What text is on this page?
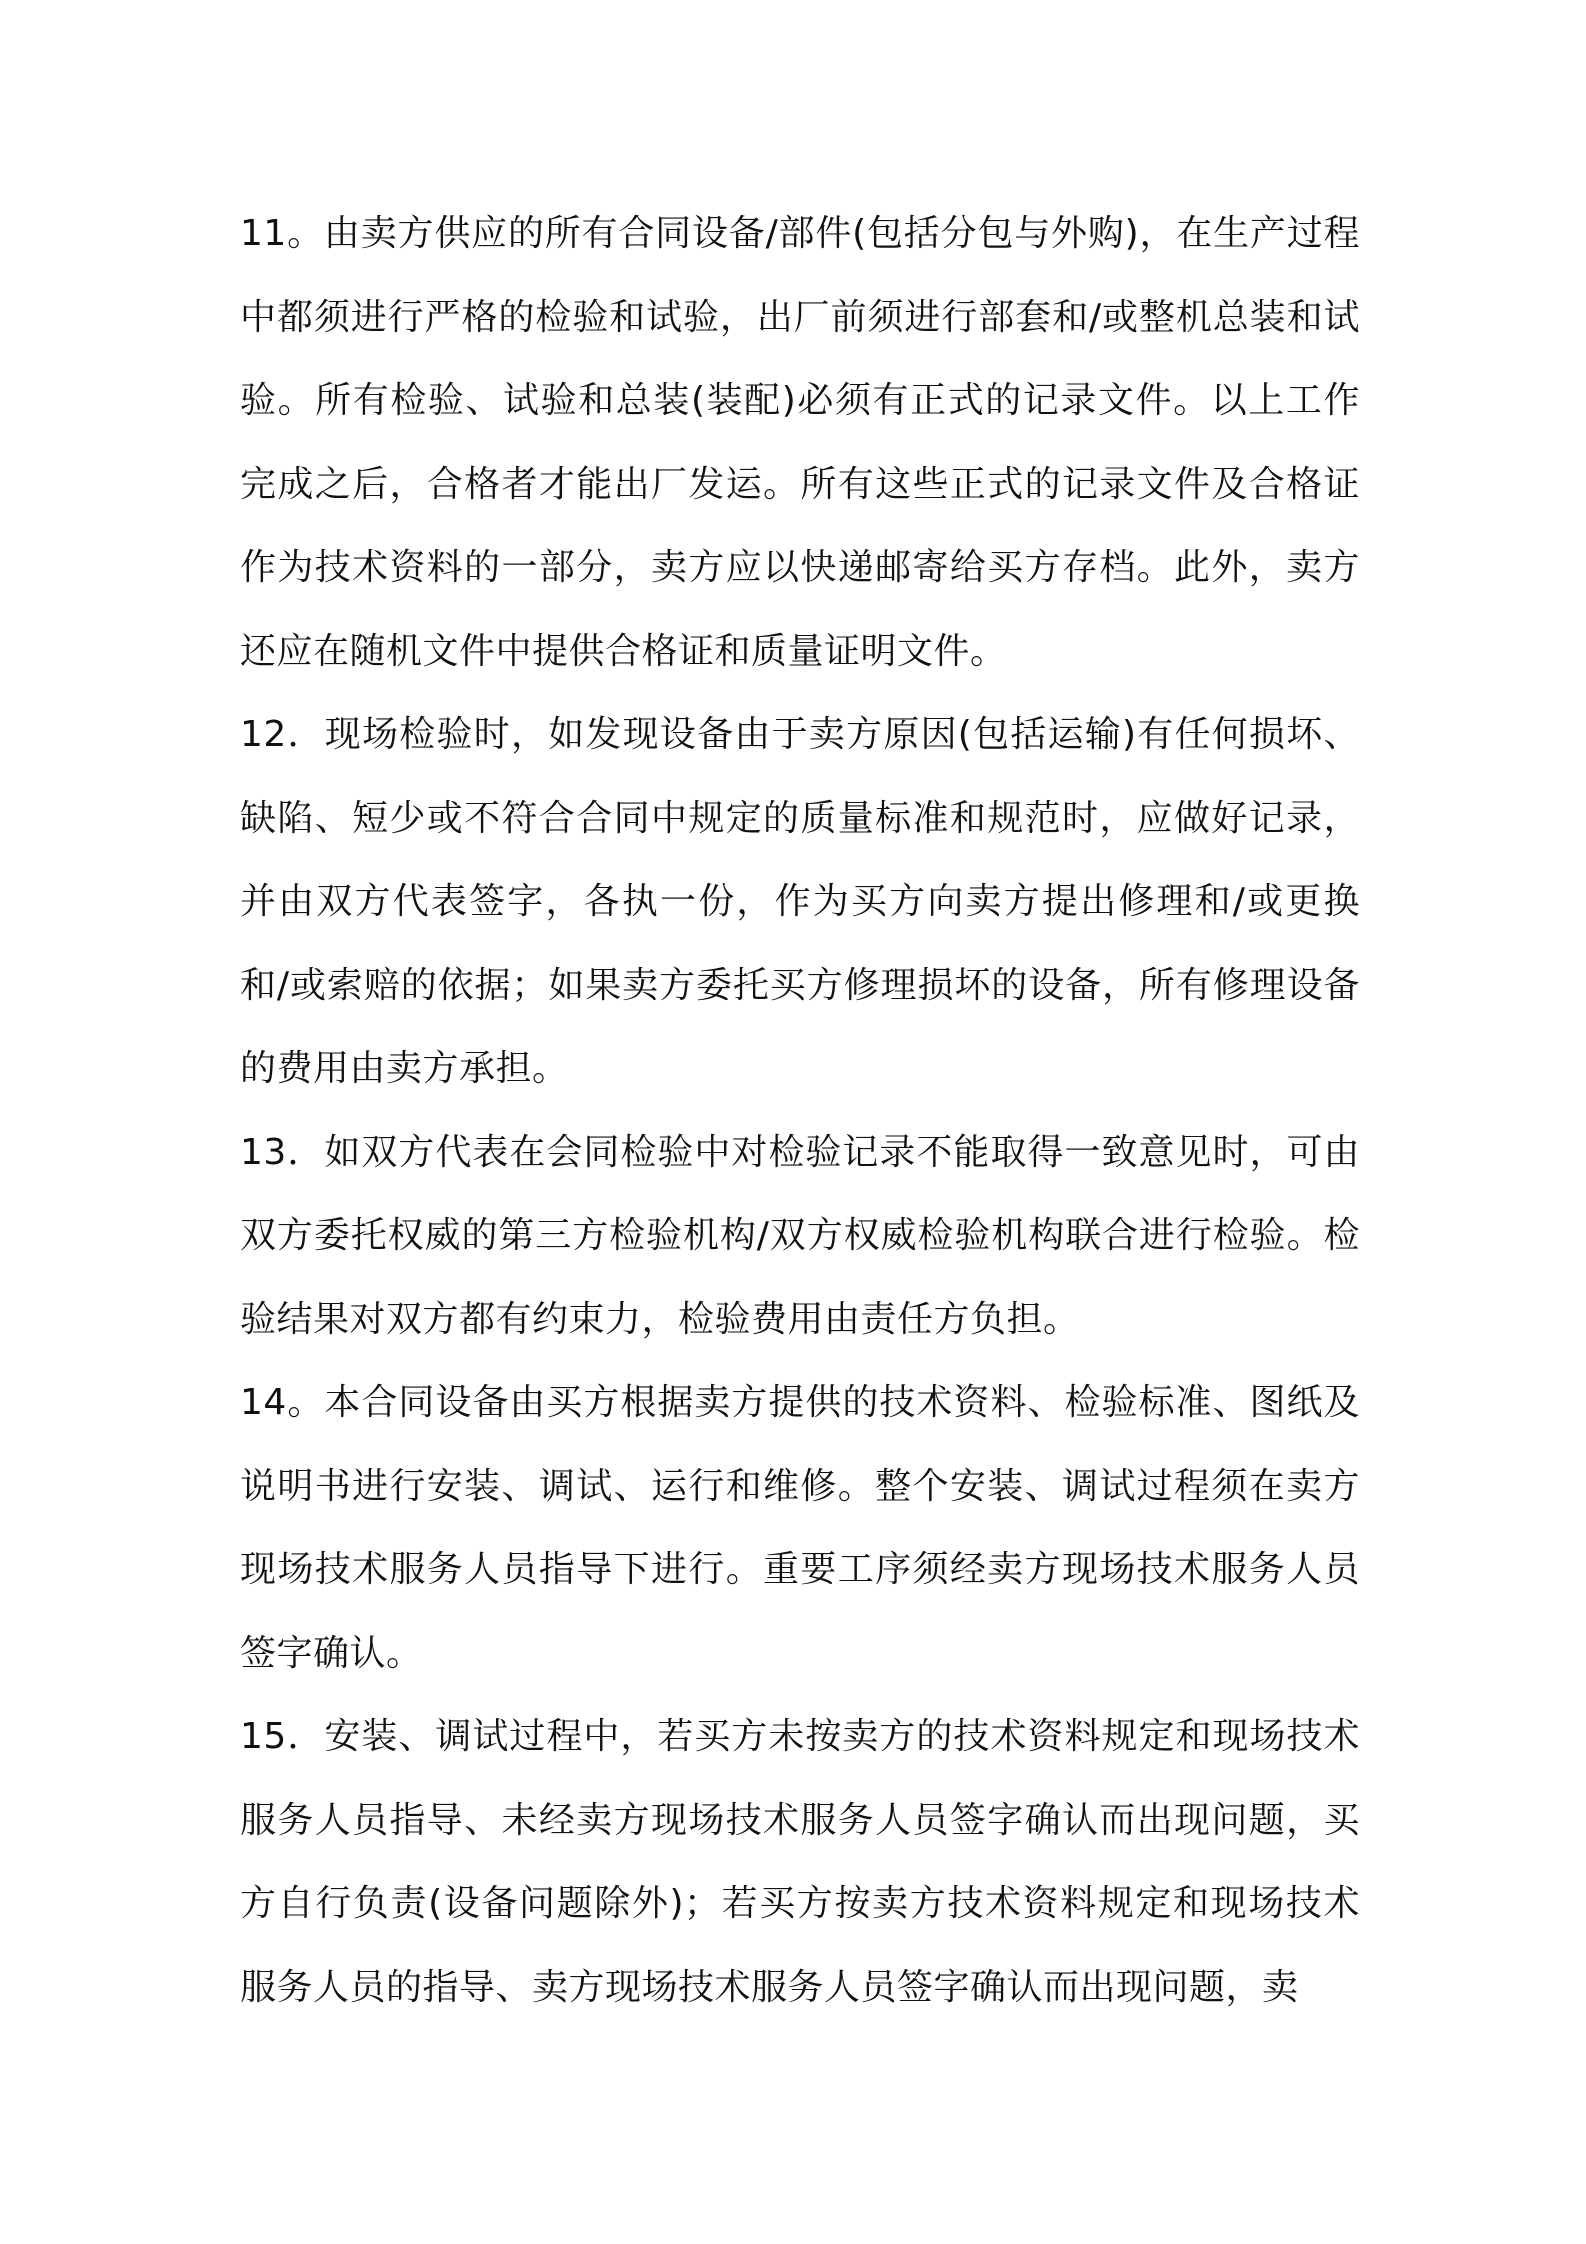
11。由卖方供应的所有合同设备/部件(包括分包与外购)，在生产过程中都须进行严格的检验和试验，出厂前须进行部套和/或整机总装和试验。所有检验、试验和总装(装配)必须有正式的记录文件。以上工作完成之后，合格者才能出厂发运。所有这些正式的记录文件及合格证作为技术资料的一部分，卖方应以快递邮寄给买方存档。此外，卖方还应在随机文件中提供合格证和质量证明文件。

12．现场检验时，如发现设备由于卖方原因(包括运输)有任何损坏、缺陷、短少或不符合合同中规定的质量标准和规范时，应做好记录，并由双方代表签字，各执一份，作为买方向卖方提出修理和/或更换和/或索赔的依据；如果卖方委托买方修理损坏的设备，所有修理设备的费用由卖方承担。

13．如双方代表在会同检验中对检验记录不能取得一致意见时，可由双方委托权威的第三方检验机构/双方权威检验机构联合进行检验。检验结果对双方都有约束力，检验费用由责任方负担。

14。本合同设备由买方根据卖方提供的技术资料、检验标准、图纸及说明书进行安装、调试、运行和维修。整个安装、调试过程须在卖方现场技术服务人员指导下进行。重要工序须经卖方现场技术服务人员签字确认。

15．安装、调试过程中，若买方未按卖方的技术资料规定和现场技术服务人员指导、未经卖方现场技术服务人员签字确认而出现问题，买方自行负责(设备问题除外)；若买方按卖方技术资料规定和现场技术服务人员的指导、卖方现场技术服务人员签字确认而出现问题，卖
